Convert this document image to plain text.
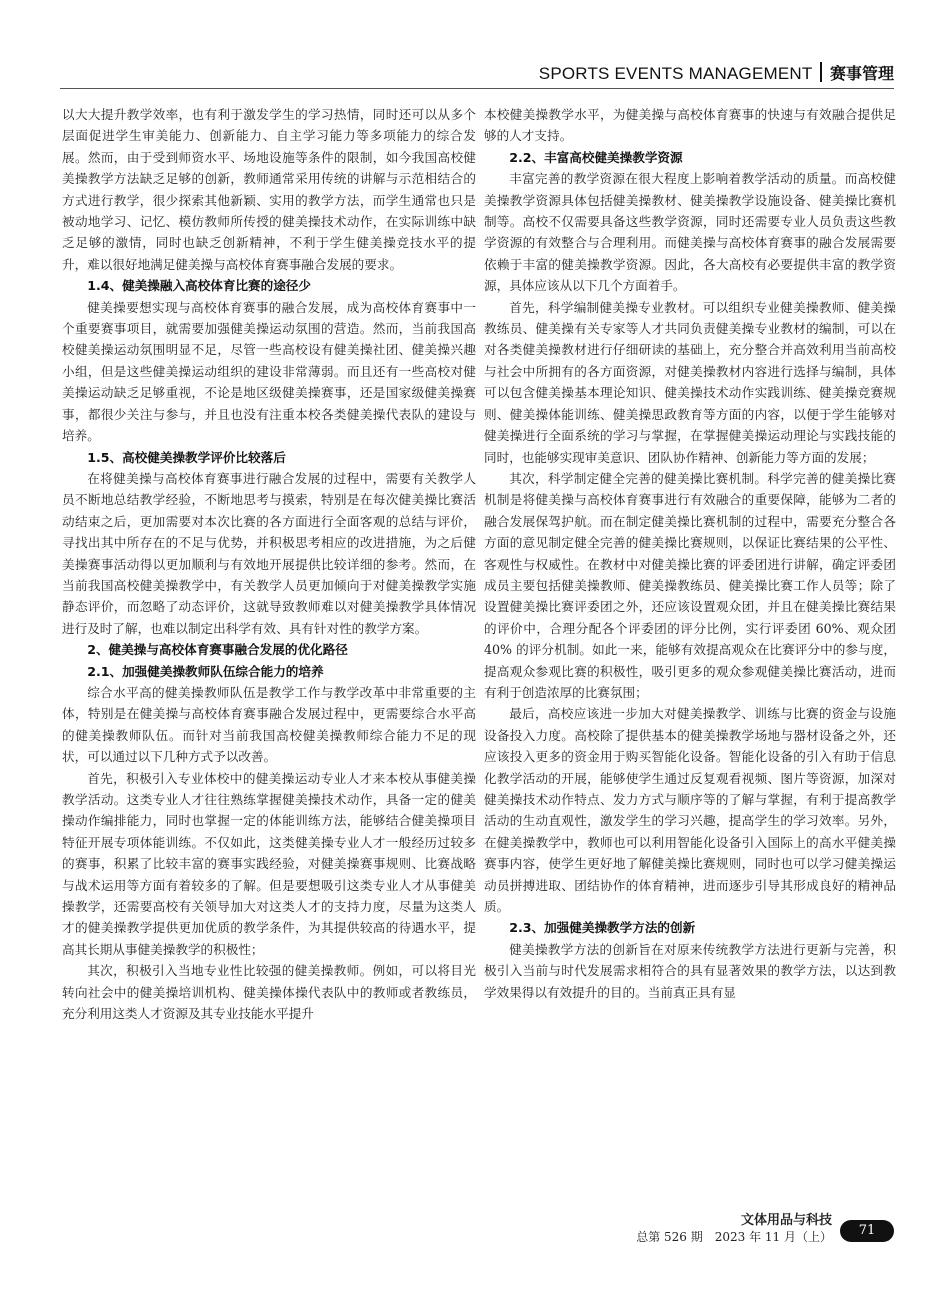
SPORTS EVENTS MANAGEMENT	赛事管理

以大大提升教学效率，也有利于激发学生的学习热情，同时还可以从多个层面促进学生审美能力、创新能力、自主学习能力等多项能力的综合发展。然而，由于受到师资水平、场地设施等条件的限制，如今我国高校健美操教学方法缺乏足够的创新，教师通常采用传统的讲解与示范相结合的方式进行教学，很少探索其他新颖、实用的教学方法，而学生通常也只是被动地学习、记忆、模仿教师所传授的健美操技术动作，在实际训练中缺乏足够的激情，同时也缺乏创新精神，不利于学生健美操竞技水平的提升，难以很好地满足健美操与高校体育赛事融合发展的要求。

1.4、健美操融入高校体育比赛的途径少

健美操要想实现与高校体育赛事的融合发展，成为高校体育赛事中一个重要赛事项目，就需要加强健美操运动氛围的营造。然而，当前我国高校健美操运动氛围明显不足，尽管一些高校设有健美操社团、健美操兴趣小组，但是这些健美操运动组织的建设非常薄弱。而且还有一些高校对健美操运动缺乏足够重视，不论是地区级健美操赛事，还是国家级健美操赛事，都很少关注与参与，并且也没有注重本校各类健美操代表队的建设与培养。

1.5、高校健美操教学评价比较落后

在将健美操与高校体育赛事进行融合发展的过程中，需要有关教学人员不断地总结教学经验，不断地思考与摸索，特别是在每次健美操比赛活动结束之后，更加需要对本次比赛的各方面进行全面客观的总结与评价，寻找出其中所存在的不足与优势，并积极思考相应的改进措施，为之后健美操赛事活动得以更加顺利与有效地开展提供比较详细的参考。然而，在当前我国高校健美操教学中，有关教学人员更加倾向于对健美操教学实施静态评价，而忽略了动态评价，这就导致教师难以对健美操教学具体情况进行及时了解，也难以制定出科学有效、具有针对性的教学方案。

2、健美操与高校体育赛事融合发展的优化路径
2.1、加强健美操教师队伍综合能力的培养

综合水平高的健美操教师队伍是教学工作与教学改革中非常重要的主体，特别是在健美操与高校体育赛事融合发展过程中，更需要综合水平高的健美操教师队伍。而针对当前我国高校健美操教师综合能力不足的现状，可以通过以下几种方式予以改善。

首先，积极引入专业体校中的健美操运动专业人才来本校从事健美操教学活动。这类专业人才往往熟练掌握健美操技术动作，具备一定的健美操动作编排能力，同时也掌握一定的体能训练方法，能够结合健美操项目特征开展专项体能训练。不仅如此，这类健美操专业人才一般经历过较多的赛事，积累了比较丰富的赛事实践经验，对健美操赛事规则、比赛战略与战术运用等方面有着较多的了解。但是要想吸引这类专业人才从事健美操教学，还需要高校有关领导加大对这类人才的支持力度，尽量为这类人才的健美操教学提供更加优质的教学条件，为其提供较高的待遇水平，提高其长期从事健美操教学的积极性；

其次，积极引入当地专业性比较强的健美操教师。例如，可以将目光转向社会中的健美操培训机构、健美操体操代表队中的教师或者教练员，充分利用这类人才资源及其专业技能水平提升

本校健美操教学水平，为健美操与高校体育赛事的快速与有效融合提供足够的人才支持。

2.2、丰富高校健美操教学资源

丰富完善的教学资源在很大程度上影响着教学活动的质量。而高校健美操教学资源具体包括健美操教材、健美操教学设施设备、健美操比赛机制等。高校不仅需要具备这些教学资源，同时还需要专业人员负责这些教学资源的有效整合与合理利用。而健美操与高校体育赛事的融合发展需要依赖于丰富的健美操教学资源。因此，各大高校有必要提供丰富的教学资源，具体应该从以下几个方面着手。

首先，科学编制健美操专业教材。可以组织专业健美操教师、健美操教练员、健美操有关专家等人才共同负责健美操专业教材的编制，可以在对各类健美操教材进行仔细研读的基础上，充分整合并高效利用当前高校与社会中所拥有的各方面资源，对健美操教材内容进行选择与编制，具体可以包含健美操基本理论知识、健美操技术动作实践训练、健美操竞赛规则、健美操体能训练、健美操思政教育等方面的内容，以便于学生能够对健美操进行全面系统的学习与掌握，在掌握健美操运动理论与实践技能的同时，也能够实现审美意识、团队协作精神、创新能力等方面的发展；

其次，科学制定健全完善的健美操比赛机制。科学完善的健美操比赛机制是将健美操与高校体育赛事进行有效融合的重要保障，能够为二者的融合发展保驾护航。而在制定健美操比赛机制的过程中，需要充分整合各方面的意见制定健全完善的健美操比赛规则，以保证比赛结果的公平性、客观性与权威性。在教材中对健美操比赛的评委团进行讲解，确定评委团成员主要包括健美操教师、健美操教练员、健美操比赛工作人员等；除了设置健美操比赛评委团之外，还应该设置观众团，并且在健美操比赛结果的评价中，合理分配各个评委团的评分比例，实行评委团 60%、观众团 40% 的评分机制。如此一来，能够有效提高观众在比赛评分中的参与度，提高观众参观比赛的积极性，吸引更多的观众参观健美操比赛活动，进而有利于创造浓厚的比赛氛围；

最后，高校应该进一步加大对健美操教学、训练与比赛的资金与设施设备投入力度。高校除了提供基本的健美操教学场地与器材设备之外，还应该投入更多的资金用于购买智能化设备。智能化设备的引入有助于信息化教学活动的开展，能够使学生通过反复观看视频、图片等资源，加深对健美操技术动作特点、发力方式与顺序等的了解与掌握，有利于提高教学活动的生动直观性，激发学生的学习兴趣，提高学生的学习效率。另外，在健美操教学中，教师也可以利用智能化设备引入国际上的高水平健美操赛事内容，使学生更好地了解健美操比赛规则，同时也可以学习健美操运动员拼搏进取、团结协作的体育精神，进而逐步引导其形成良好的精神品质。

2.3、加强健美操教学方法的创新

健美操教学方法的创新旨在对原来传统教学方法进行更新与完善，积极引入当前与时代发展需求相符合的具有显著效果的教学方法，以达到教学效果得以有效提升的目的。当前真正具有显

文体用品与科技
总第 526 期　2023 年 11 月（上）	71
